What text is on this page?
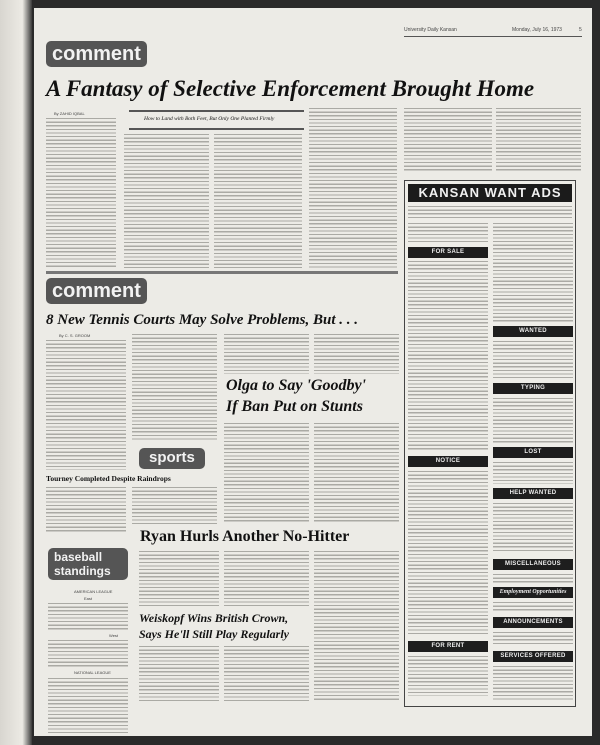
University Daily Kansan	Monday, July 16, 1973	5
comment
A Fantasy of Selective Enforcement Brought Home
By ZAHID IQBAL
How to Land with Both Feet, But Only One Planted Firmly
comment
8 New Tennis Courts May Solve Problems, But . . .
By C. S. GROOM
Olga to Say 'Goodby'
If Ban Put on Stunts
sports
Tourney Completed Despite Raindrops
Ryan Hurls Another No-Hitter
baseball
standings
AMERICAN LEAGUE
East
West
NATIONAL LEAGUE
Weiskopf Wins British Crown,
Says He'll Still Play Regularly
KANSAN WANT ADS
FOR SALE
NOTICE
FOR RENT
WANTED
TYPING
LOST
HELP WANTED
MISCELLANEOUS
Employment Opportunities
ANNOUNCEMENTS
SERVICES OFFERED
